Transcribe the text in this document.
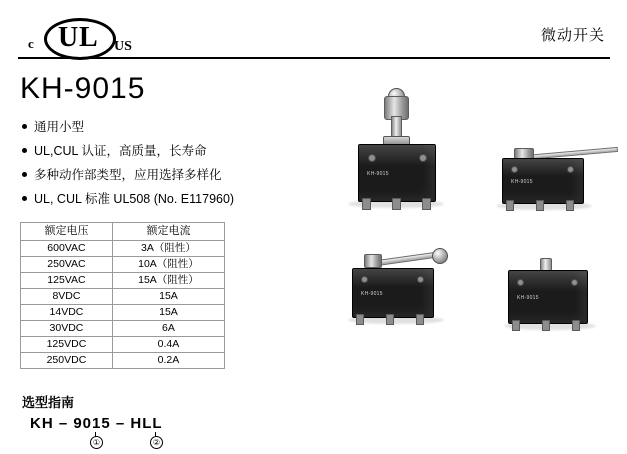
U L
c	US
微动开关
KH-9015
通用小型
UL,CUL 认证，高质量，长寿命
多种动作部类型，应用选择多样化
UL, CUL 标准 UL508 (No. E117960)
额定电压	额定电流
600VAC	3A（阻性）
250VAC	10A（阻性）
125VAC	15A（阻性）
8VDC	15A
14VDC	15A
30VDC	6A
125VDC	0.4A
250VDC	0.2A
选型指南
KH – 9015 – HLL
①	②
KH-9015
KH-9015
KH-9015
KH-9015
